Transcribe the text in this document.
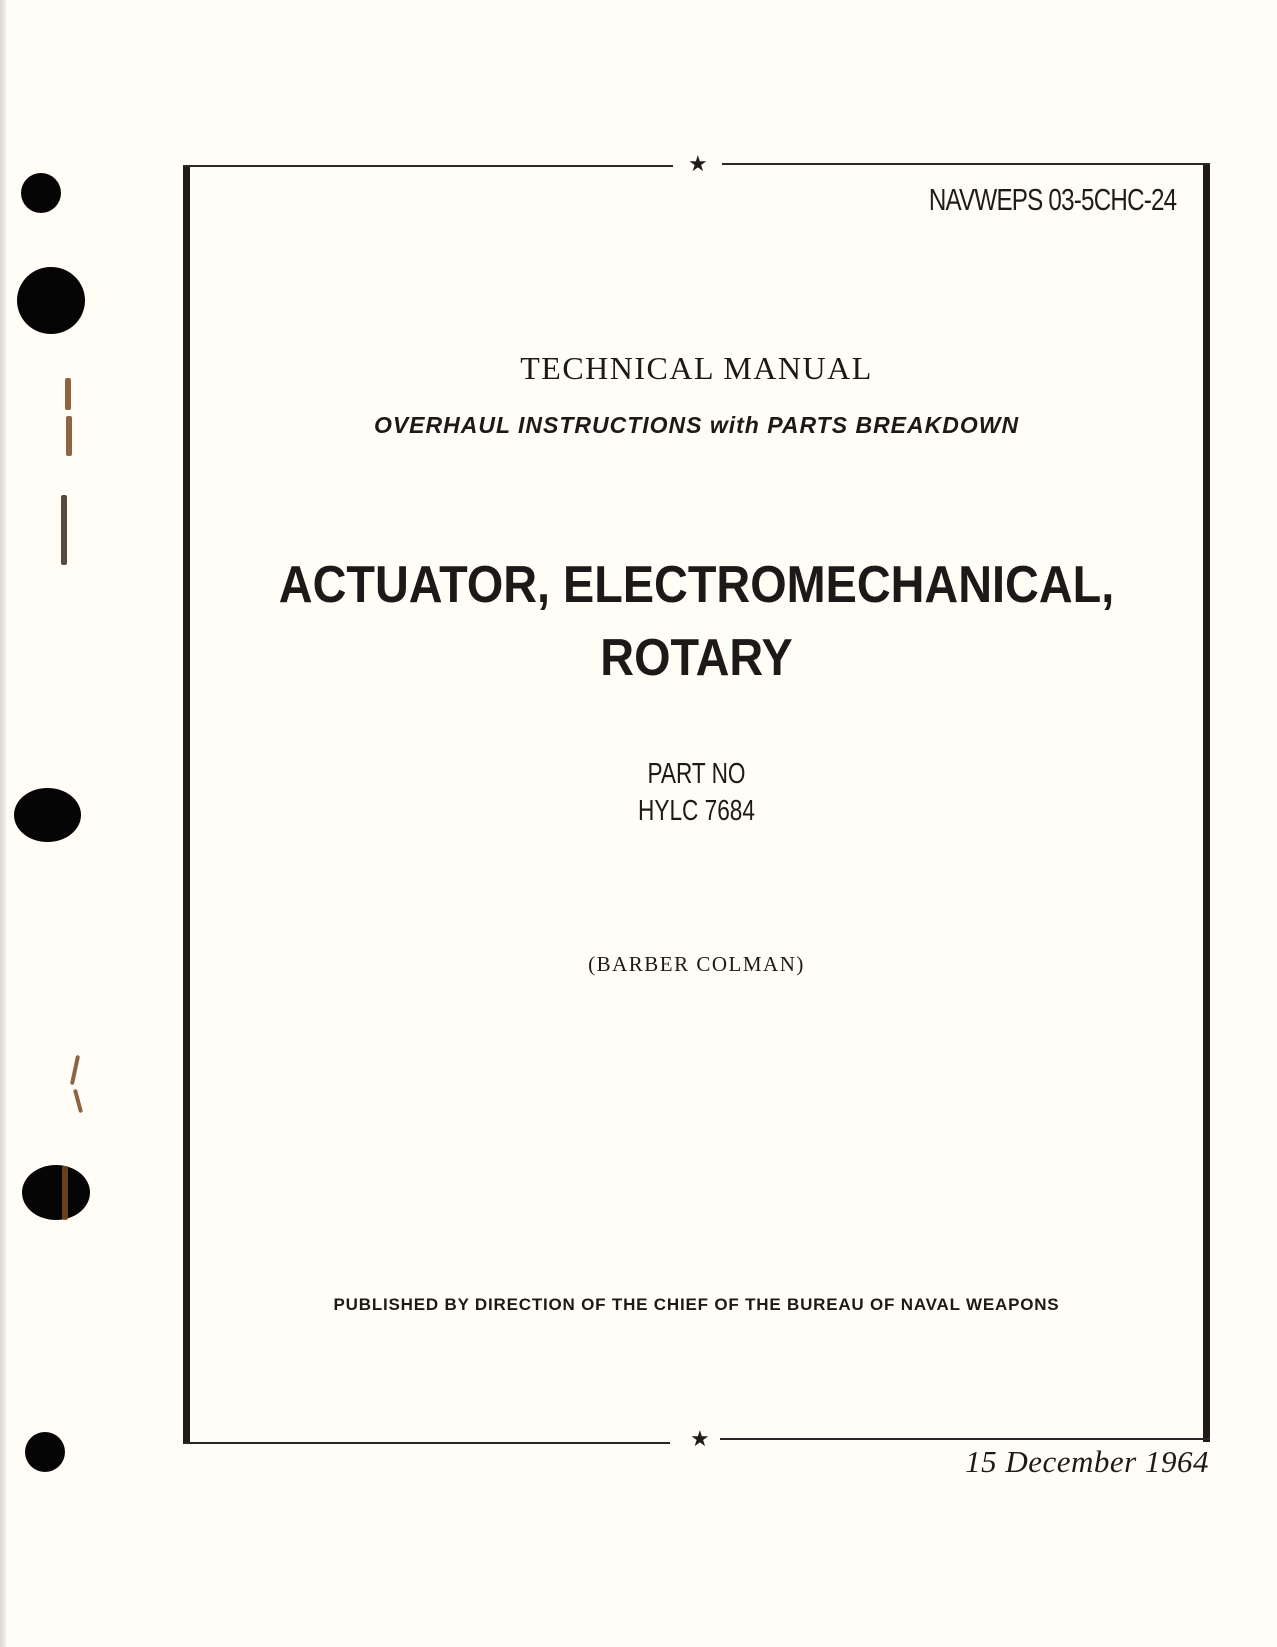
★
★
NAVWEPS 03-5CHC-24
TECHNICAL MANUAL
OVERHAUL INSTRUCTIONS with PARTS BREAKDOWN
ACTUATOR, ELECTROMECHANICAL,
ROTARY
PART NO
HYLC 7684
(BARBER COLMAN)
PUBLISHED BY DIRECTION OF THE CHIEF OF THE BUREAU OF NAVAL WEAPONS
15 December 1964
